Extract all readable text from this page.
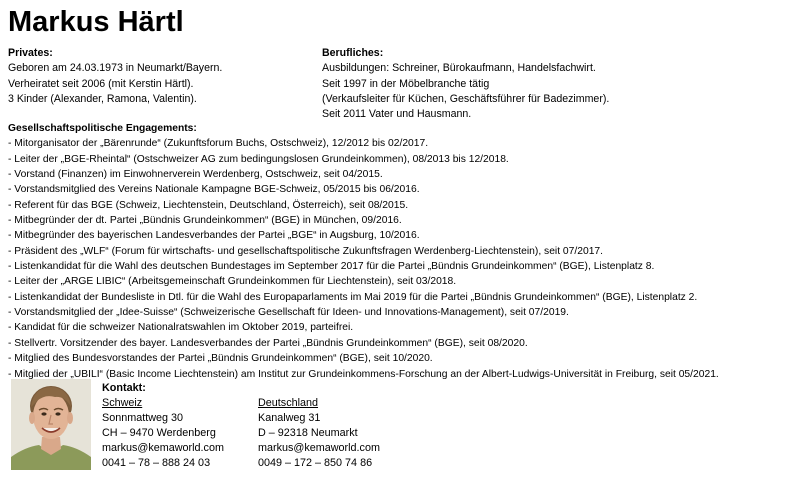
Markus Härtl
Privates:
Geboren am 24.03.1973 in Neumarkt/Bayern.
Verheiratet seit 2006 (mit Kerstin Härtl).
3 Kinder (Alexander, Ramona, Valentin).
Berufliches:
Ausbildungen: Schreiner, Bürokaufmann, Handelsfachwirt.
Seit 1997 in der Möbelbranche tätig
(Verkaufsleiter für Küchen, Geschäftsführer für Badezimmer).
Seit 2011 Vater und Hausmann.
Gesellschaftspolitische Engagements:
- Mitorganisator der „Bärenrunde“ (Zukunftsforum Buchs, Ostschweiz), 12/2012 bis 02/2017.
- Leiter der „BGE-Rheintal“ (Ostschweizer AG zum bedingungslosen Grundeinkommen), 08/2013 bis 12/2018.
- Vorstand (Finanzen) im Einwohnerverein Werdenberg, Ostschweiz, seit 04/2015.
- Vorstandsmitglied des Vereins Nationale Kampagne BGE-Schweiz, 05/2015 bis 06/2016.
- Referent für das BGE (Schweiz, Liechtenstein, Deutschland, Österreich), seit 08/2015.
- Mitbegründer der dt. Partei „Bündnis Grundeinkommen“ (BGE) in München, 09/2016.
- Mitbegründer des bayerischen Landesverbandes der Partei „BGE“ in Augsburg, 10/2016.
- Präsident des „WLF“ (Forum für wirtschafts- und gesellschaftspolitische Zukunftsfragen Werdenberg-Liechtenstein), seit 07/2017.
- Listenkandidat für die Wahl des deutschen Bundestages im September 2017 für die Partei „Bündnis Grundeinkommen“ (BGE), Listenplatz 8.
- Leiter der „ARGE LIBIC“ (Arbeitsgemeinschaft Grundeinkommen für Liechtenstein), seit 03/2018.
- Listenkandidat der Bundesliste in Dtl. für die Wahl des Europaparlaments im Mai 2019 für die Partei „Bündnis Grundeinkommen“ (BGE), Listenplatz 2.
- Vorstandsmitglied der „Idee-Suisse“ (Schweizerische Gesellschaft für Ideen- und Innovations-Management), seit 07/2019.
- Kandidat für die schweizer Nationalratswahlen im Oktober 2019, parteifrei.
- Stellvertr. Vorsitzender des bayer. Landesverbandes der Partei „Bündnis Grundeinkommen“ (BGE), seit 08/2020.
- Mitglied des Bundesvorstandes der Partei „Bündnis Grundeinkommen“ (BGE), seit 10/2020.
- Mitglied der „UBILI“ (Basic Income Liechtenstein) am Institut zur Grundeinkommens-Forschung an der Albert-Ludwigs-Universität in Freiburg, seit 05/2021.
Kontakt:
Schweiz
Sonnmattweg 30
CH – 9470 Werdenberg
markus@kemaworld.com
0041 – 78 – 888 24 03
Deutschland
Kanalweg 31
D – 92318 Neumarkt
markus@kemaworld.com
0049 – 172 – 850 74 86
